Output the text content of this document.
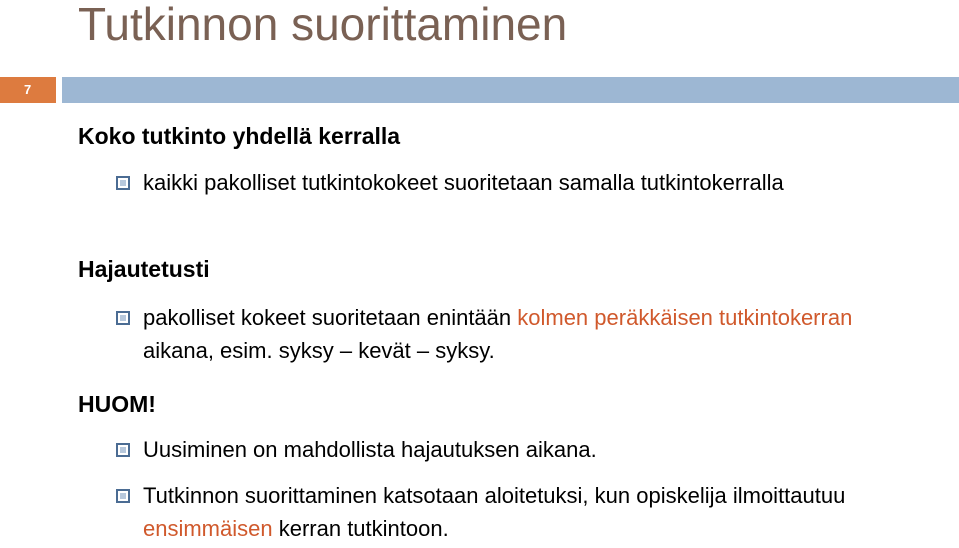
Tutkinnon suorittaminen
7
Koko tutkinto yhdellä kerralla
kaikki pakolliset tutkintokokeet suoritetaan samalla tutkintokerralla
Hajautetusti
pakolliset kokeet suoritetaan enintään kolmen peräkkäisen tutkintokerran aikana, esim. syksy – kevät – syksy.
HUOM!
Uusiminen on mahdollista hajautuksen aikana.
Tutkinnon suorittaminen katsotaan aloitetuksi, kun opiskelija ilmoittautuu ensimmäisen kerran tutkintoon.
